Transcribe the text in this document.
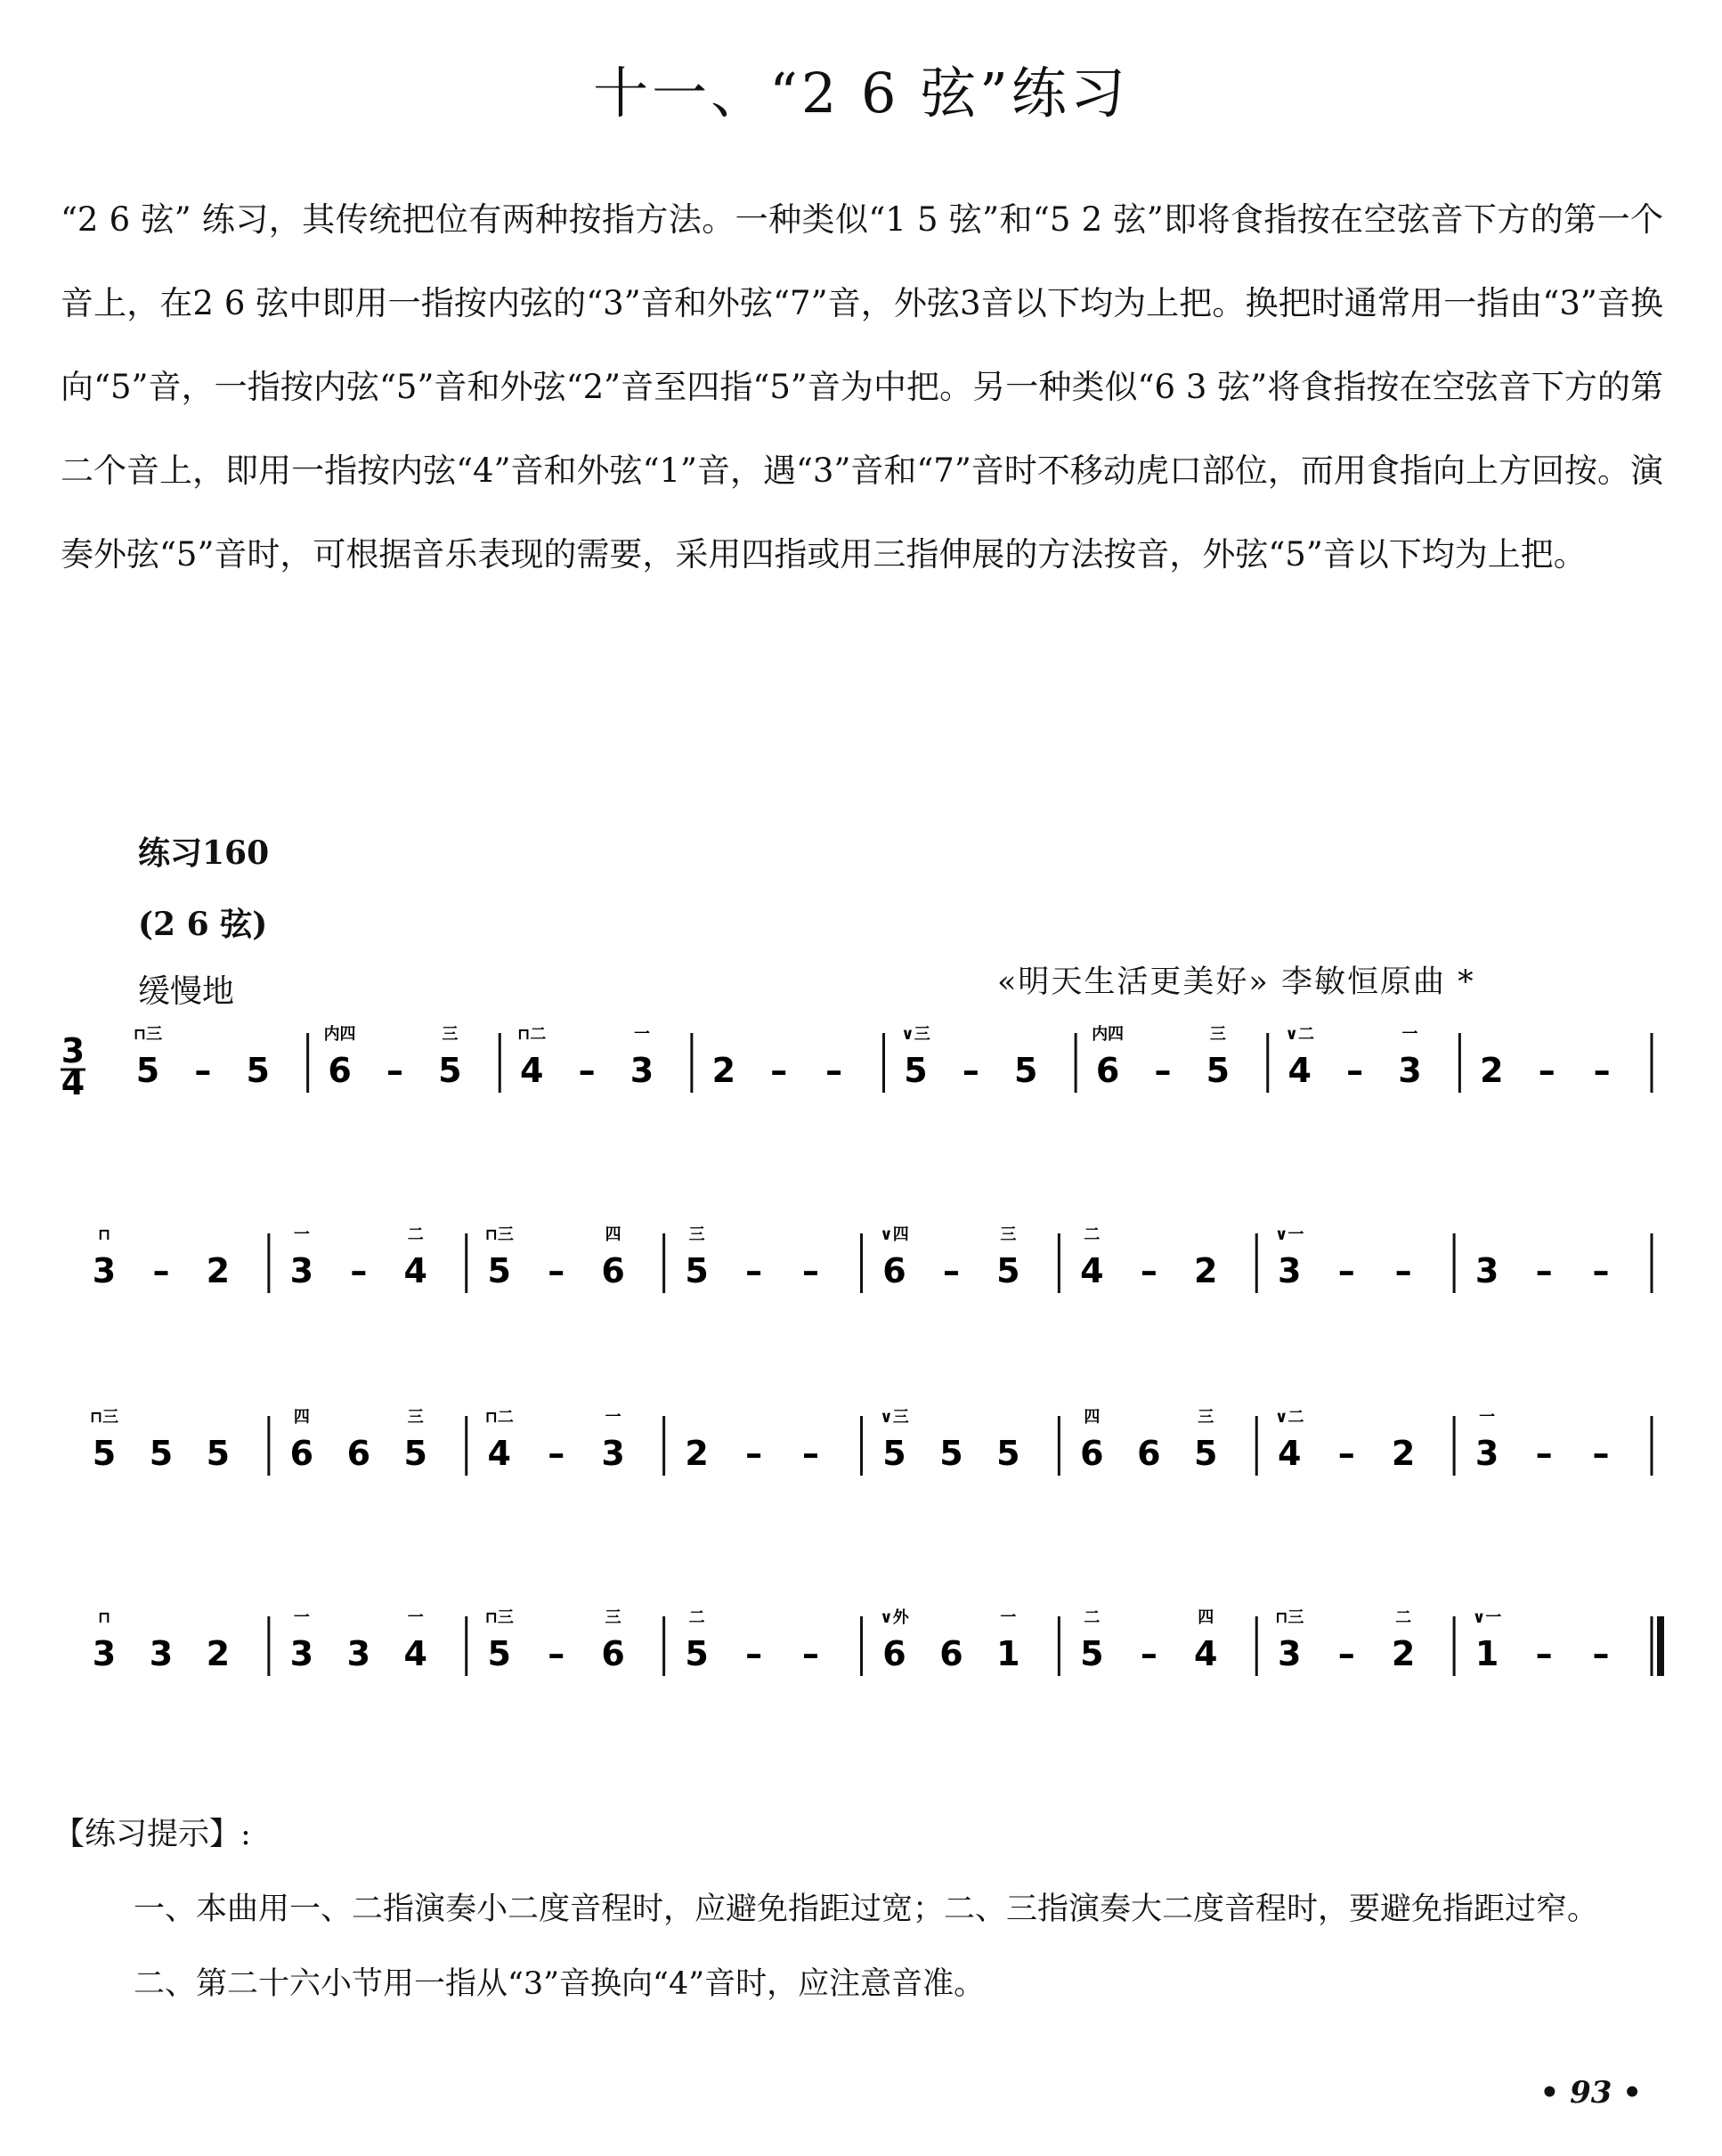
十一、“2 6 弦”练习

“2 6 弦” 练习，其传统把位有两种按指方法。一种类似“1 5 弦”和“5 2 弦”即将食指按在空弦音下方的第一个音上，在2 6 弦中即用一指按内弦的“3”音和外弦“7”音，外弦3音以下均为上把。换把时通常用一指由“3”音换向“5”音，一指按内弦“5”音和外弦“2”音至四指“5”音为中把。另一种类似“6 3 弦”将食指按在空弦音下方的第二个音上，即用一指按内弦“4”音和外弦“1”音，遇“3”音和“7”音时不移动虎口部位，而用食指向上方回按。演奏外弦“5”音时，可根据音乐表现的需要，采用四指或用三指伸展的方法按音，外弦“5”音以下均为上把。

练习160
(2 6 弦)
缓慢地	«明天生活更美好» 李敏恒原曲 *
3
4 5
⊓三
– 5 6
内四
– 5
三
4
⊓二
– 3
一
2 – – 5
∨三
– 5 6
内四
– 5
三
4
∨二
– 3
一
2 – –
3
⊓
– 2 3
一
– 4
二
5
⊓三
– 6
四
5
三
– – 6
∨四
– 5
三
4
二
– 2 3
∨一
– – 3 – –
5
⊓三
5 5 6
四
6 5
三
4
⊓二
– 3
一
2 – – 5
∨三
5 5 6
四
6 5
三
4
∨二
– 2 3
一
– –
3
⊓
3 2 3
一
3 4
一
5
⊓三
– 6
三
5
二
– – 6
∨外
6 1
一
5
二
– 4
四
3
⊓三
– 2
二
1
∨一
– –

【练习提示】:

一、本曲用一、二指演奏小二度音程时，应避免指距过宽；二、三指演奏大二度音程时，要避免指距过窄。

二、第二十六小节用一指从“3”音换向“4”音时，应注意音准。

• 93 •
